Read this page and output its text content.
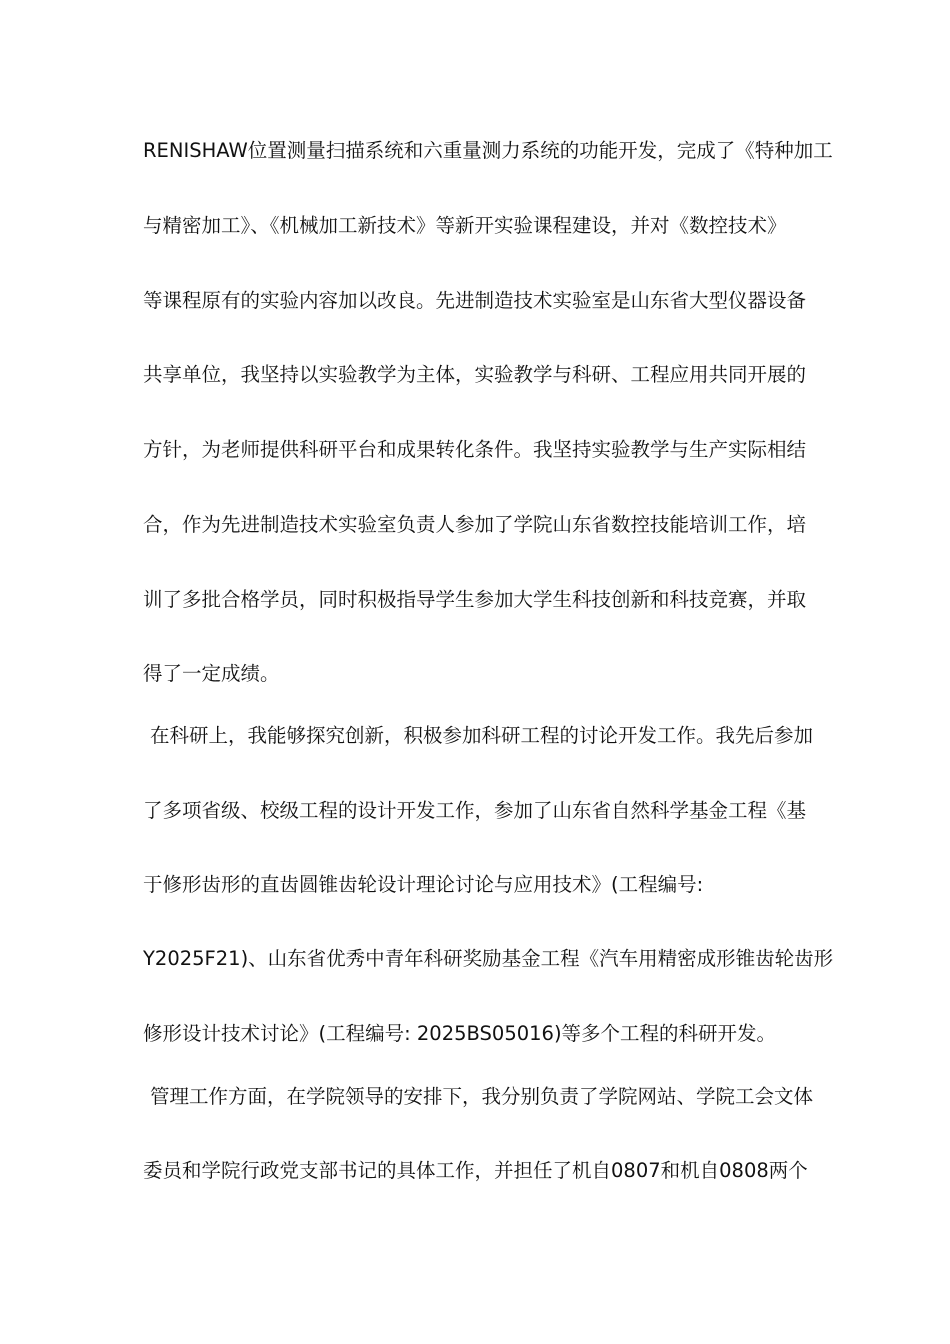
RENISHAW位置测量扫描系统和六重量测力系统的功能开发，完成了《特种加工
与精密加工》、《机械加工新技术》等新开实验课程建设，并对《数控技术》
等课程原有的实验内容加以改良。先进制造技术实验室是山东省大型仪器设备
共享单位，我坚持以实验教学为主体，实验教学与科研、工程应用共同开展的
方针，为老师提供科研平台和成果转化条件。我坚持实验教学与生产实际相结
合，作为先进制造技术实验室负责人参加了学院山东省数控技能培训工作，培
训了多批合格学员，同时积极指导学生参加大学生科技创新和科技竞赛，并取
得了一定成绩。
在科研上，我能够探究创新，积极参加科研工程的讨论开发工作。我先后参加
了多项省级、校级工程的设计开发工作，参加了山东省自然科学基金工程《基
于修形齿形的直齿圆锥齿轮设计理论讨论与应用技术》(工程编号:
Y2025F21)、山东省优秀中青年科研奖励基金工程《汽车用精密成形锥齿轮齿形
修形设计技术讨论》(工程编号: 2025BS05016)等多个工程的科研开发。
管理工作方面，在学院领导的安排下，我分别负责了学院网站、学院工会文体
委员和学院行政党支部书记的具体工作，并担任了机自0807和机自0808两个
